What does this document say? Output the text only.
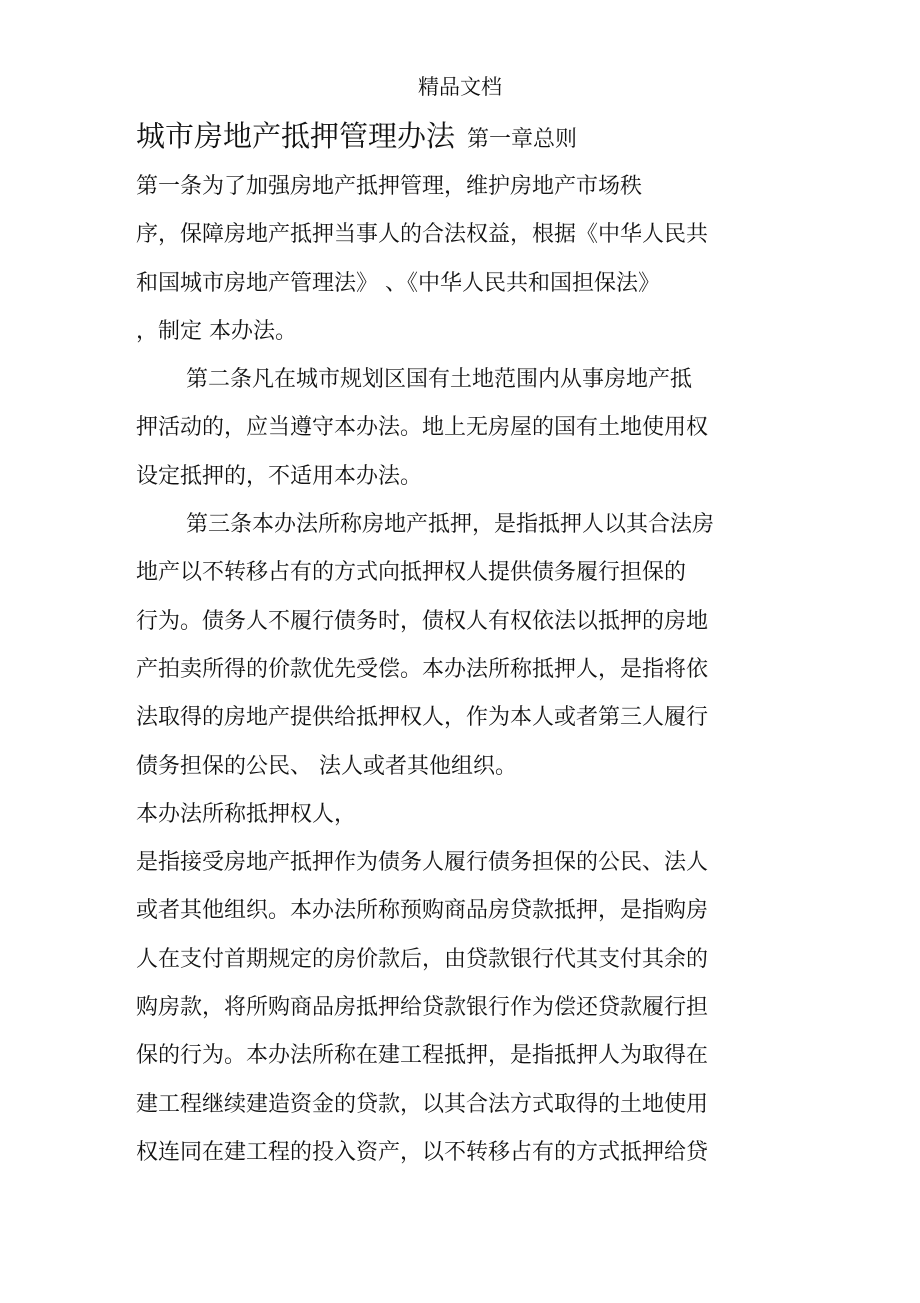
精品文档
城市房地产抵押管理办法 第一章总则
第一条为了加强房地产抵押管理，维护房地产市场秩
序，保障房地产抵押当事人的合法权益，根据《中华人民共
和国城市房地产管理法》 、《中华人民共和国担保法》
，制定 本办法。
第二条凡在城市规划区国有土地范围内从事房地产抵
押活动的，应当遵守本办法。地上无房屋的国有土地使用权
设定抵押的，不适用本办法。
第三条本办法所称房地产抵押，是指抵押人以其合法房
地产以不转移占有的方式向抵押权人提供债务履行担保的
行为。债务人不履行债务时，债权人有权依法以抵押的房地
产拍卖所得的价款优先受偿。本办法所称抵押人，是指将依
法取得的房地产提供给抵押权人，作为本人或者第三人履行
债务担保的公民、 法人或者其他组织。
本办法所称抵押权人，
是指接受房地产抵押作为债务人履行债务担保的公民、法人
或者其他组织。本办法所称预购商品房贷款抵押，是指购房
人在支付首期规定的房价款后，由贷款银行代其支付其余的
购房款，将所购商品房抵押给贷款银行作为偿还贷款履行担
保的行为。本办法所称在建工程抵押，是指抵押人为取得在
建工程继续建造资金的贷款，以其合法方式取得的土地使用
权连同在建工程的投入资产，以不转移占有的方式抵押给贷
